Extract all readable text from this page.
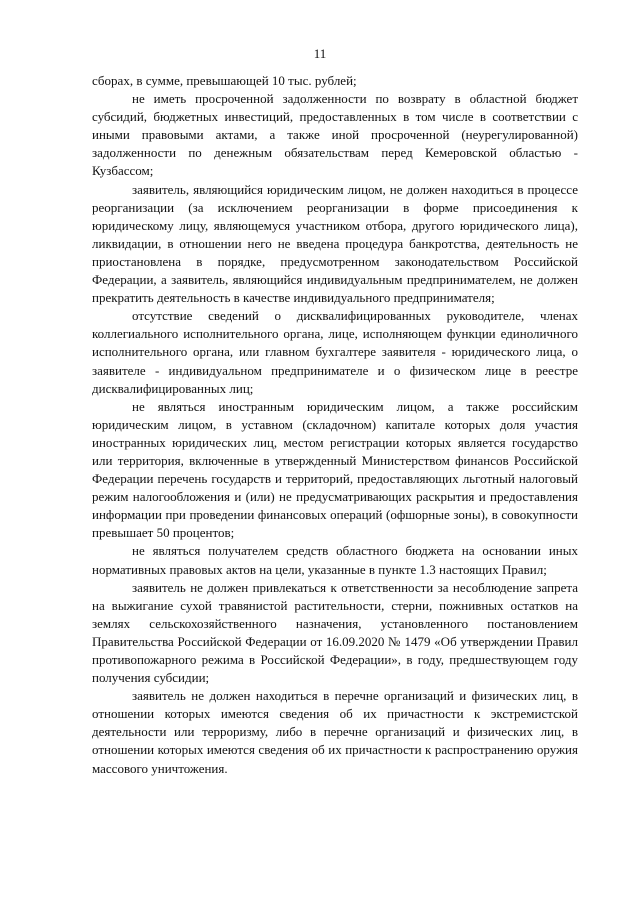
11

сборах, в сумме, превышающей 10 тыс. рублей;

не иметь просроченной задолженности по возврату в областной бюджет субсидий, бюджетных инвестиций, предоставленных в том числе в соответствии с иными правовыми актами, а также иной просроченной (неурегулированной) задолженности по денежным обязательствам перед Кемеровской областью - Кузбассом;

заявитель, являющийся юридическим лицом, не должен находиться в процессе реорганизации (за исключением реорганизации в форме присоединения к юридическому лицу, являющемуся участником отбора, другого юридического лица), ликвидации, в отношении него не введена процедура банкротства, деятельность не приостановлена в порядке, предусмотренном законодательством Российской Федерации, а заявитель, являющийся индивидуальным предпринимателем, не должен прекратить деятельность в качестве индивидуального предпринимателя;

отсутствие сведений о дисквалифицированных руководителе, членах коллегиального исполнительного органа, лице, исполняющем функции единоличного исполнительного органа, или главном бухгалтере заявителя - юридического лица, о заявителе - индивидуальном предпринимателе и о физическом лице в реестре дисквалифицированных лиц;

не являться иностранным юридическим лицом, а также российским юридическим лицом, в уставном (складочном) капитале которых доля участия иностранных юридических лиц, местом регистрации которых является государство или территория, включенные в утвержденный Министерством финансов Российской Федерации перечень государств и территорий, предоставляющих льготный налоговый режим налогообложения и (или) не предусматривающих раскрытия и предоставления информации при проведении финансовых операций (офшорные зоны), в совокупности превышает 50 процентов;

не являться получателем средств областного бюджета на основании иных нормативных правовых актов на цели, указанные в пункте 1.3 настоящих Правил;

заявитель не должен привлекаться к ответственности за несоблюдение запрета на выжигание сухой травянистой растительности, стерни, пожнивных остатков на землях сельскохозяйственного назначения, установленного постановлением Правительства Российской Федерации от 16.09.2020 № 1479 «Об утверждении Правил противопожарного режима в Российской Федерации», в году, предшествующем году получения субсидии;

заявитель не должен находиться в перечне организаций и физических лиц, в отношении которых имеются сведения об их причастности к экстремистской деятельности или терроризму, либо в перечне организаций и физических лиц, в отношении которых имеются сведения об их причастности к распространению оружия массового уничтожения.
